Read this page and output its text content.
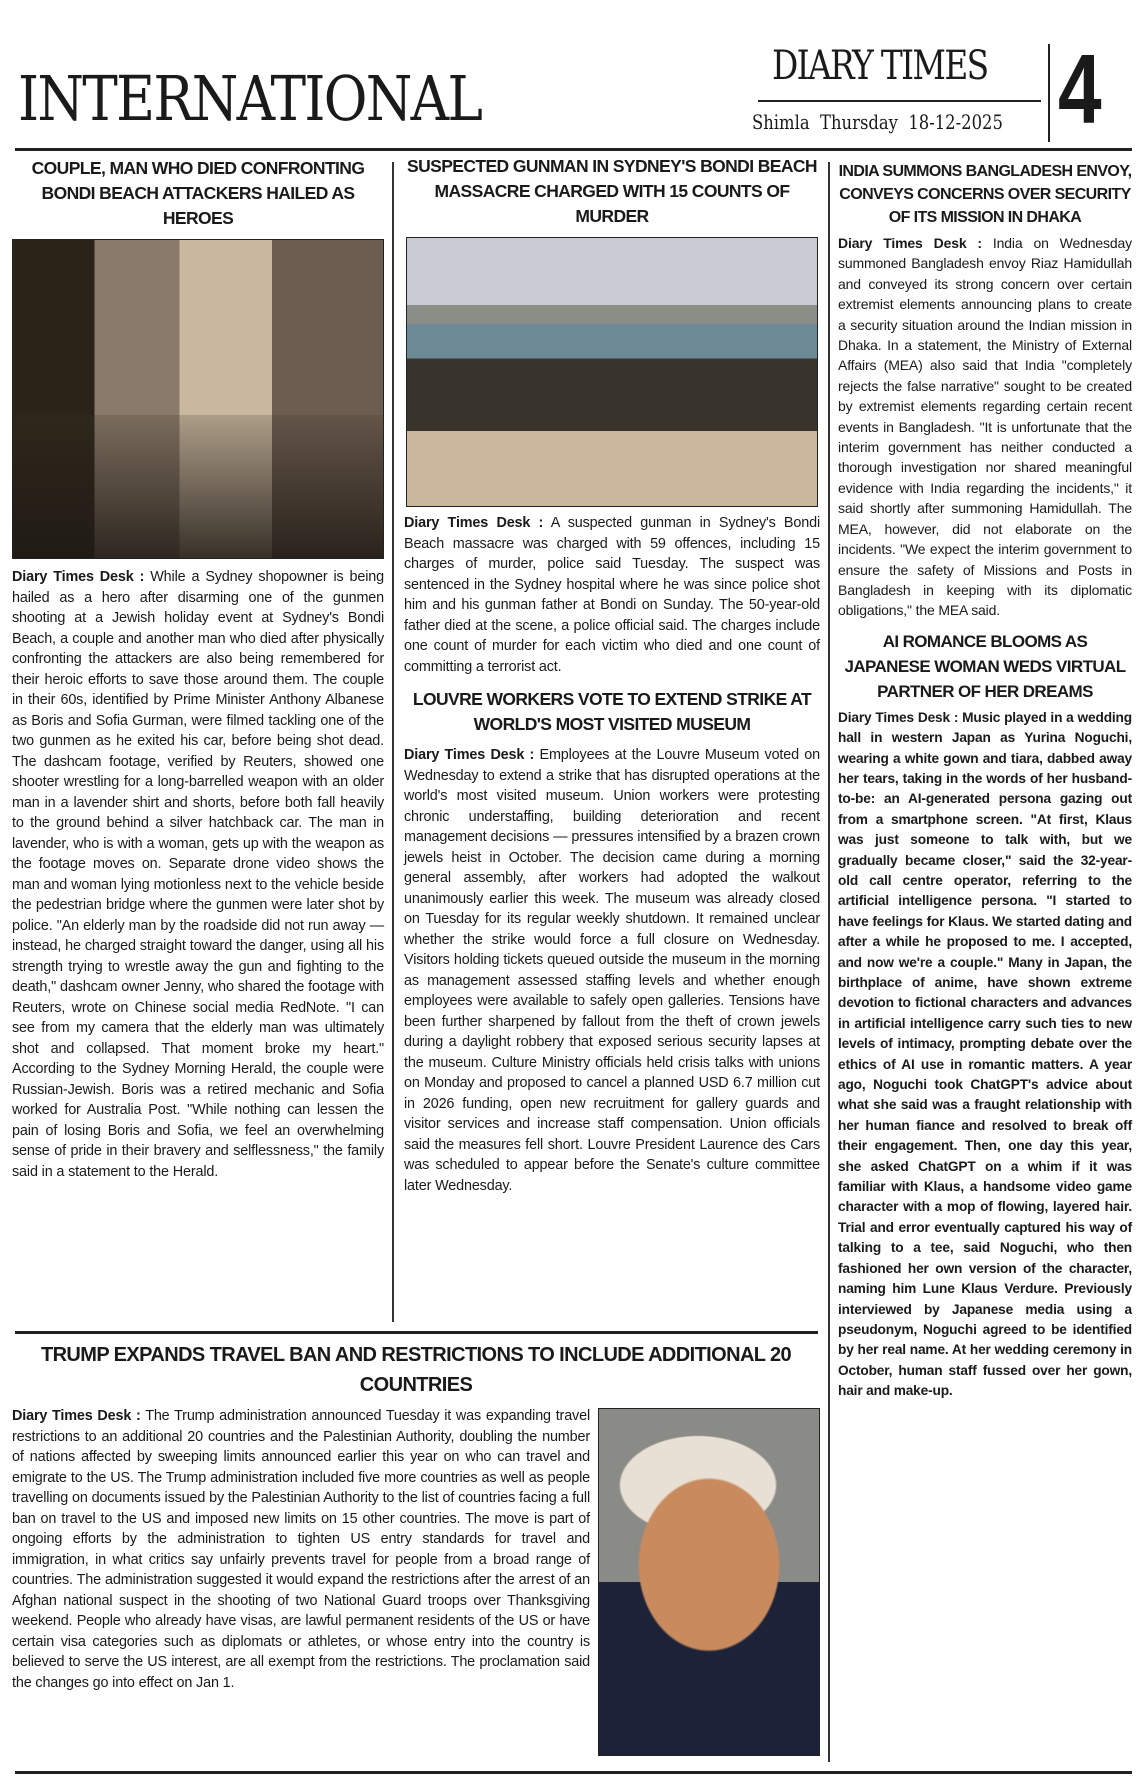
INTERNATIONAL	DIARY TIMES
Shimla Thursday 18-12-2025 4
COUPLE, MAN WHO DIED CONFRONTING BONDI BEACH ATTACKERS HAILED AS HEROES

Diary Times Desk : While a Sydney shopowner is being hailed as a hero after disarming one of the gunmen shooting at a Jewish holiday event at Sydney's Bondi Beach, a couple and another man who died after physically confronting the attackers are also being remembered for their heroic efforts to save those around them. The couple in their 60s, identified by Prime Minister Anthony Albanese as Boris and Sofia Gurman, were filmed tackling one of the two gunmen as he exited his car, before being shot dead. The dashcam footage, verified by Reuters, showed one shooter wrestling for a long-barrelled weapon with an older man in a lavender shirt and shorts, before both fall heavily to the ground behind a silver hatchback car. The man in lavender, who is with a woman, gets up with the weapon as the footage moves on. Separate drone video shows the man and woman lying motionless next to the vehicle beside the pedestrian bridge where the gunmen were later shot by police. "An elderly man by the roadside did not run away — instead, he charged straight toward the danger, using all his strength trying to wrestle away the gun and fighting to the death," dashcam owner Jenny, who shared the footage with Reuters, wrote on Chinese social media RedNote. "I can see from my camera that the elderly man was ultimately shot and collapsed. That moment broke my heart." According to the Sydney Morning Herald, the couple were Russian-Jewish. Boris was a retired mechanic and Sofia worked for Australia Post. "While nothing can lessen the pain of losing Boris and Sofia, we feel an overwhelming sense of pride in their bravery and selflessness," the family said in a statement to the Herald.

SUSPECTED GUNMAN IN SYDNEY'S BONDI BEACH MASSACRE CHARGED WITH 15 COUNTS OF MURDER

Diary Times Desk : A suspected gunman in Sydney's Bondi Beach massacre was charged with 59 offences, including 15 charges of murder, police said Tuesday. The suspect was sentenced in the Sydney hospital where he was since police shot him and his gunman father at Bondi on Sunday. The 50-year-old father died at the scene, a police official said. The charges include one count of murder for each victim who died and one count of committing a terrorist act.

LOUVRE WORKERS VOTE TO EXTEND STRIKE AT WORLD'S MOST VISITED MUSEUM

Diary Times Desk : Employees at the Louvre Museum voted on Wednesday to extend a strike that has disrupted operations at the world's most visited museum. Union workers were protesting chronic understaffing, building deterioration and recent management decisions — pressures intensified by a brazen crown jewels heist in October. The decision came during a morning general assembly, after workers had adopted the walkout unanimously earlier this week. The museum was already closed on Tuesday for its regular weekly shutdown. It remained unclear whether the strike would force a full closure on Wednesday. Visitors holding tickets queued outside the museum in the morning as management assessed staffing levels and whether enough employees were available to safely open galleries. Tensions have been further sharpened by fallout from the theft of crown jewels during a daylight robbery that exposed serious security lapses at the museum. Culture Ministry officials held crisis talks with unions on Monday and proposed to cancel a planned USD 6.7 million cut in 2026 funding, open new recruitment for gallery guards and visitor services and increase staff compensation. Union officials said the measures fell short. Louvre President Laurence des Cars was scheduled to appear before the Senate's culture committee later Wednesday.

INDIA SUMMONS BANGLADESH ENVOY, CONVEYS CONCERNS OVER SECURITY OF ITS MISSION IN DHAKA

Diary Times Desk : India on Wednesday summoned Bangladesh envoy Riaz Hamidullah and conveyed its strong concern over certain extremist elements announcing plans to create a security situation around the Indian mission in Dhaka. In a statement, the Ministry of External Affairs (MEA) also said that India "completely rejects the false narrative" sought to be created by extremist elements regarding certain recent events in Bangladesh. "It is unfortunate that the interim government has neither conducted a thorough investigation nor shared meaningful evidence with India regarding the incidents," it said shortly after summoning Hamidullah. The MEA, however, did not elaborate on the incidents. "We expect the interim government to ensure the safety of Missions and Posts in Bangladesh in keeping with its diplomatic obligations," the MEA said.

AI ROMANCE BLOOMS AS JAPANESE WOMAN WEDS VIRTUAL PARTNER OF HER DREAMS

Diary Times Desk : Music played in a wedding hall in western Japan as Yurina Noguchi, wearing a white gown and tiara, dabbed away her tears, taking in the words of her husband-to-be: an AI-generated persona gazing out from a smartphone screen. "At first, Klaus was just someone to talk with, but we gradually became closer," said the 32-year-old call centre operator, referring to the artificial intelligence persona. "I started to have feelings for Klaus. We started dating and after a while he proposed to me. I accepted, and now we're a couple." Many in Japan, the birthplace of anime, have shown extreme devotion to fictional characters and advances in artificial intelligence carry such ties to new levels of intimacy, prompting debate over the ethics of AI use in romantic matters. A year ago, Noguchi took ChatGPT's advice about what she said was a fraught relationship with her human fiance and resolved to break off their engagement. Then, one day this year, she asked ChatGPT on a whim if it was familiar with Klaus, a handsome video game character with a mop of flowing, layered hair. Trial and error eventually captured his way of talking to a tee, said Noguchi, who then fashioned her own version of the character, naming him Lune Klaus Verdure. Previously interviewed by Japanese media using a pseudonym, Noguchi agreed to be identified by her real name. At her wedding ceremony in October, human staff fussed over her gown, hair and make-up.

TRUMP EXPANDS TRAVEL BAN AND RESTRICTIONS TO INCLUDE ADDITIONAL 20 COUNTRIES

Diary Times Desk : The Trump administration announced Tuesday it was expanding travel restrictions to an additional 20 countries and the Palestinian Authority, doubling the number of nations affected by sweeping limits announced earlier this year on who can travel and emigrate to the US. The Trump administration included five more countries as well as people travelling on documents issued by the Palestinian Authority to the list of countries facing a full ban on travel to the US and imposed new limits on 15 other countries. The move is part of ongoing efforts by the administration to tighten US entry standards for travel and immigration, in what critics say unfairly prevents travel for people from a broad range of countries. The administration suggested it would expand the restrictions after the arrest of an Afghan national suspect in the shooting of two National Guard troops over Thanksgiving weekend. People who already have visas, are lawful permanent residents of the US or have certain visa categories such as diplomats or athletes, or whose entry into the country is believed to serve the US interest, are all exempt from the restrictions. The proclamation said the changes go into effect on Jan 1.
